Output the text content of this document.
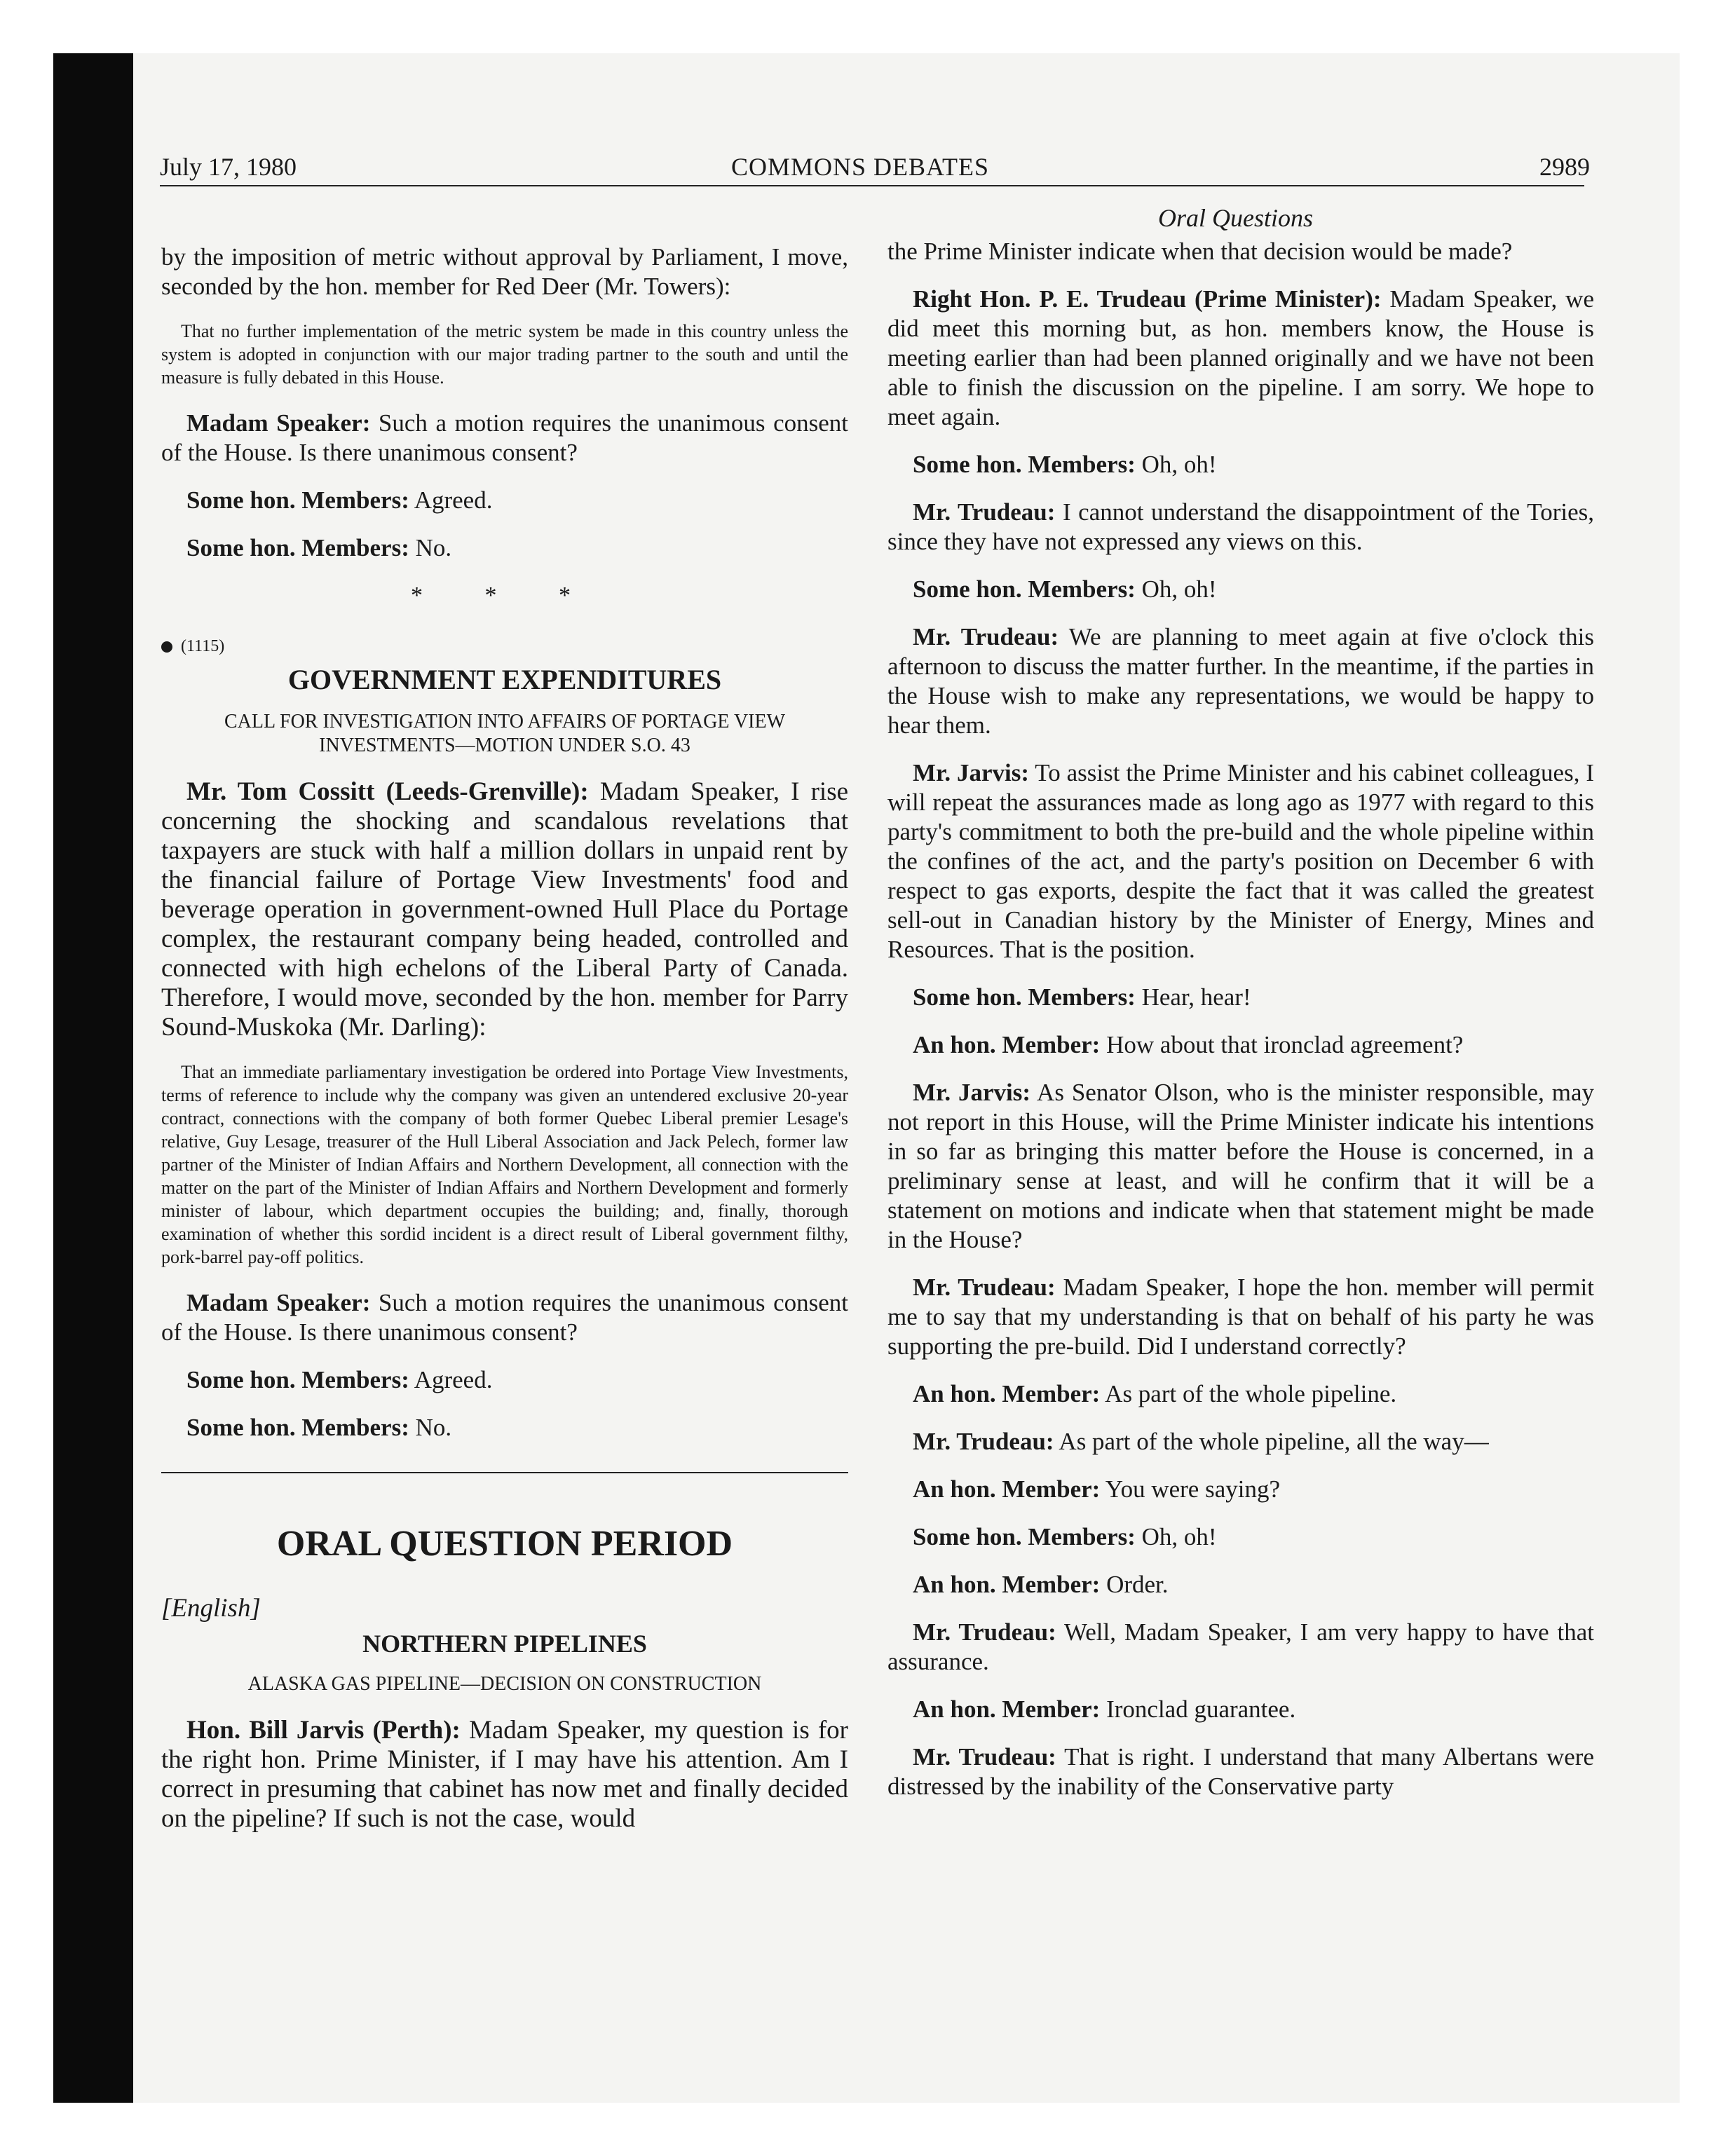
July 17, 1980	COMMONS DEBATES	2989
Oral Questions

by the imposition of metric without approval by Parliament, I move, seconded by the hon. member for Red Deer (Mr. Towers):

That no further implementation of the metric system be made in this country unless the system is adopted in conjunction with our major trading partner to the south and until the measure is fully debated in this House.

Madam Speaker: Such a motion requires the unanimous consent of the House. Is there unanimous consent?

Some hon. Members: Agreed.

Some hon. Members: No.

* * *
(1115)
GOVERNMENT EXPENDITURES
CALL FOR INVESTIGATION INTO AFFAIRS OF PORTAGE VIEW INVESTMENTS—MOTION UNDER S.O. 43

Mr. Tom Cossitt (Leeds-Grenville): Madam Speaker, I rise concerning the shocking and scandalous revelations that taxpayers are stuck with half a million dollars in unpaid rent by the financial failure of Portage View Investments' food and beverage operation in government-owned Hull Place du Portage complex, the restaurant company being headed, controlled and connected with high echelons of the Liberal Party of Canada. Therefore, I would move, seconded by the hon. member for Parry Sound-Muskoka (Mr. Darling):

That an immediate parliamentary investigation be ordered into Portage View Investments, terms of reference to include why the company was given an untendered exclusive 20-year contract, connections with the company of both former Quebec Liberal premier Lesage's relative, Guy Lesage, treasurer of the Hull Liberal Association and Jack Pelech, former law partner of the Minister of Indian Affairs and Northern Development, all connection with the matter on the part of the Minister of Indian Affairs and Northern Development and formerly minister of labour, which department occupies the building; and, finally, thorough examination of whether this sordid incident is a direct result of Liberal government filthy, pork-barrel pay-off politics.

Madam Speaker: Such a motion requires the unanimous consent of the House. Is there unanimous consent?

Some hon. Members: Agreed.

Some hon. Members: No.

ORAL QUESTION PERIOD
[English]
NORTHERN PIPELINES
ALASKA GAS PIPELINE—DECISION ON CONSTRUCTION

Hon. Bill Jarvis (Perth): Madam Speaker, my question is for the right hon. Prime Minister, if I may have his attention. Am I correct in presuming that cabinet has now met and finally decided on the pipeline? If such is not the case, would

the Prime Minister indicate when that decision would be made?

Right Hon. P. E. Trudeau (Prime Minister): Madam Speaker, we did meet this morning but, as hon. members know, the House is meeting earlier than had been planned originally and we have not been able to finish the discussion on the pipeline. I am sorry. We hope to meet again.

Some hon. Members: Oh, oh!

Mr. Trudeau: I cannot understand the disappointment of the Tories, since they have not expressed any views on this.

Some hon. Members: Oh, oh!

Mr. Trudeau: We are planning to meet again at five o'clock this afternoon to discuss the matter further. In the meantime, if the parties in the House wish to make any representations, we would be happy to hear them.

Mr. Jarvis: To assist the Prime Minister and his cabinet colleagues, I will repeat the assurances made as long ago as 1977 with regard to this party's commitment to both the pre-build and the whole pipeline within the confines of the act, and the party's position on December 6 with respect to gas exports, despite the fact that it was called the greatest sell-out in Canadian history by the Minister of Energy, Mines and Resources. That is the position.

Some hon. Members: Hear, hear!

An hon. Member: How about that ironclad agreement?

Mr. Jarvis: As Senator Olson, who is the minister responsible, may not report in this House, will the Prime Minister indicate his intentions in so far as bringing this matter before the House is concerned, in a preliminary sense at least, and will he confirm that it will be a statement on motions and indicate when that statement might be made in the House?

Mr. Trudeau: Madam Speaker, I hope the hon. member will permit me to say that my understanding is that on behalf of his party he was supporting the pre-build. Did I understand correctly?

An hon. Member: As part of the whole pipeline.

Mr. Trudeau: As part of the whole pipeline, all the way—

An hon. Member: You were saying?

Some hon. Members: Oh, oh!

An hon. Member: Order.

Mr. Trudeau: Well, Madam Speaker, I am very happy to have that assurance.

An hon. Member: Ironclad guarantee.

Mr. Trudeau: That is right. I understand that many Albertans were distressed by the inability of the Conservative party
